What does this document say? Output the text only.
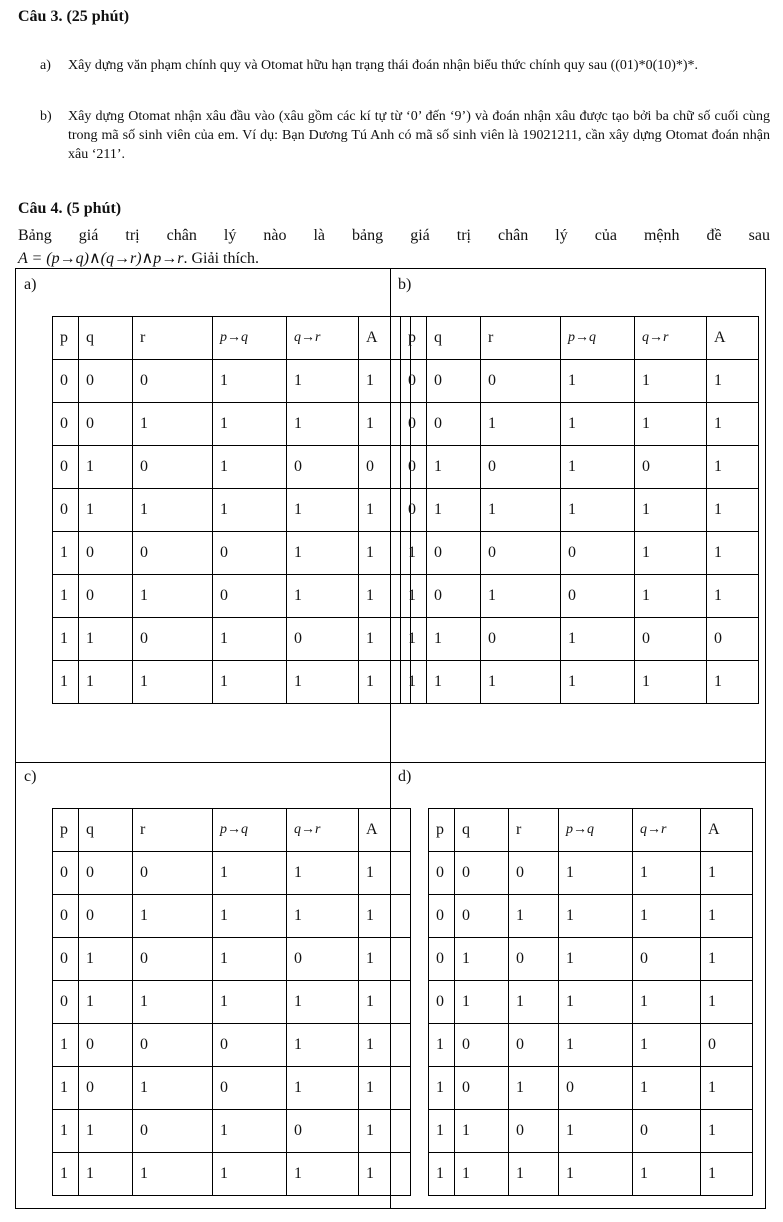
Câu 3. (25 phút)
a)	Xây dựng văn phạm chính quy và Otomat hữu hạn trạng thái đoán nhận biểu thức chính quy sau ((01)*0(10)*)*.
b)	Xây dựng Otomat nhận xâu đầu vào (xâu gồm các kí tự từ ‘0’ đến ‘9’) và đoán nhận xâu được tạo bởi ba chữ số cuối cùng trong mã số sinh viên của em. Ví dụ: Bạn Dương Tú Anh có mã số sinh viên là 19021211, cần xây dựng Otomat đoán nhận xâu ‘211’.
Câu 4. (5 phút)
Bảng giá trị chân lý nào là bảng giá trị chân lý của mệnh đề sau
A = (p→q)∧(q→r)∧p→r. Giải thích.
a)
p	q	r	p→q	q→r	A
0	0	0	1	1	1
0	0	1	1	1	1
0	1	0	1	0	0
0	1	1	1	1	1
1	0	0	0	1	1
1	0	1	0	1	1
1	1	0	1	0	1
1	1	1	1	1	1
b)
p	q	r	p→q	q→r	A
0	0	0	1	1	1
0	0	1	1	1	1
0	1	0	1	0	1
0	1	1	1	1	1
1	0	0	0	1	1
1	0	1	0	1	1
1	1	0	1	0	0
1	1	1	1	1	1
c)
p	q	r	p→q	q→r	A
0	0	0	1	1	1
0	0	1	1	1	1
0	1	0	1	0	1
0	1	1	1	1	1
1	0	0	0	1	1
1	0	1	0	1	1
1	1	0	1	0	1
1	1	1	1	1	1
d)
p	q	r	p→q	q→r	A
0	0	0	1	1	1
0	0	1	1	1	1
0	1	0	1	0	1
0	1	1	1	1	1
1	0	0	1	1	0
1	0	1	0	1	1
1	1	0	1	0	1
1	1	1	1	1	1
